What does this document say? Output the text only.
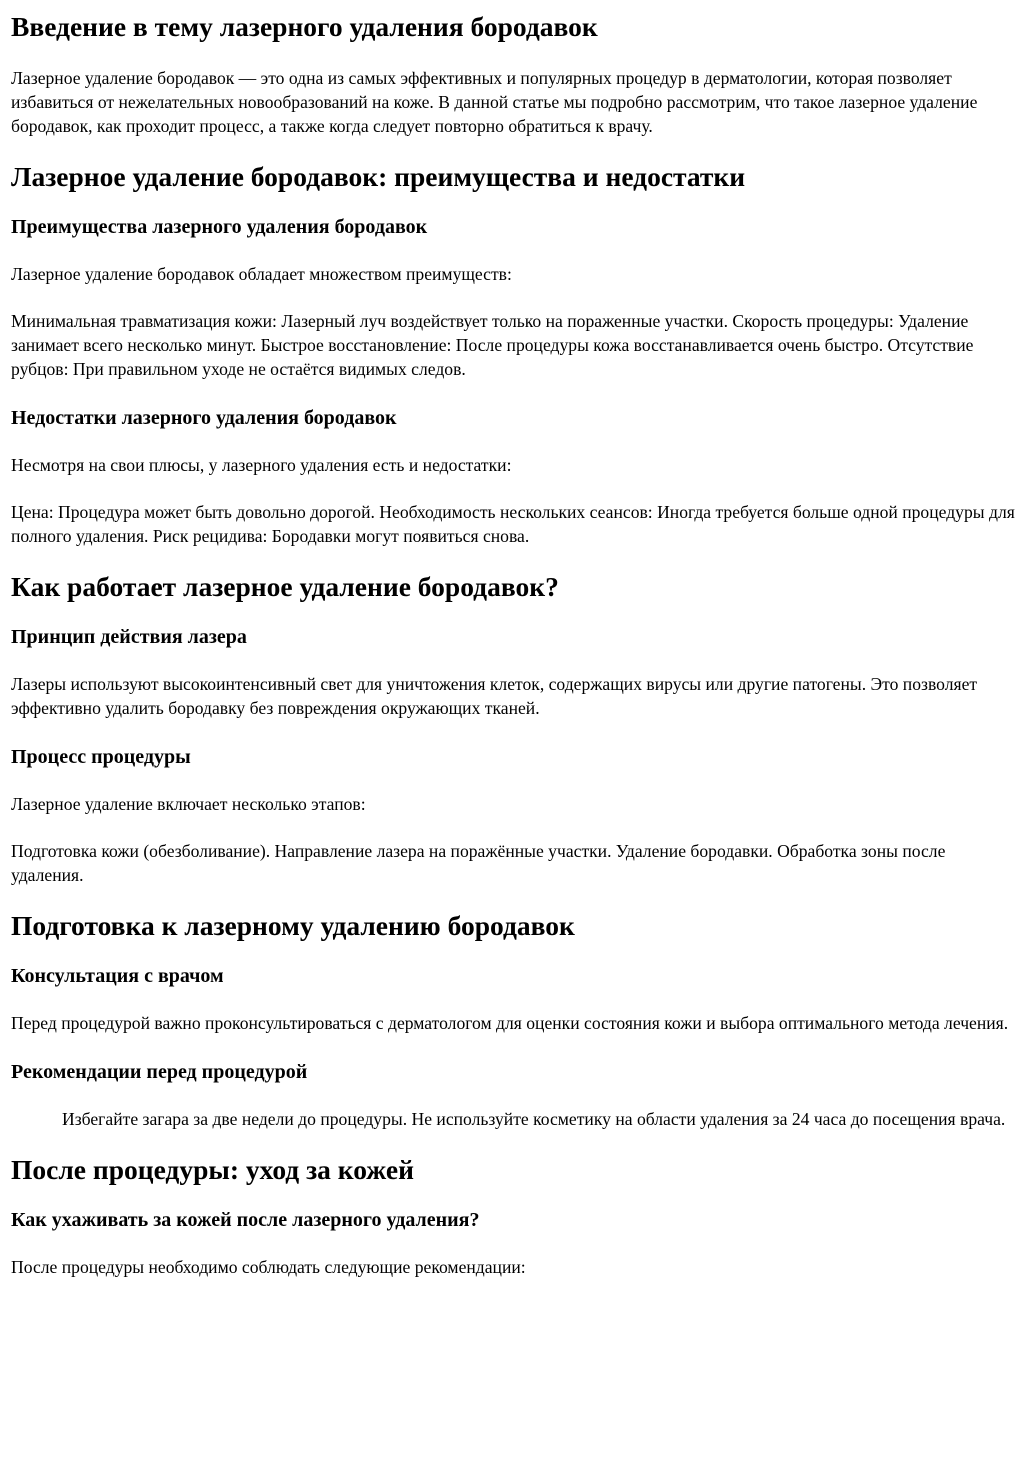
Введение в тему лазерного удаления бородавок

Лазерное удаление бородавок — это одна из самых эффективных и популярных процедур в дерматологии, которая позволяет избавиться от нежелательных новообразований на коже. В данной статье мы подробно рассмотрим, что такое лазерное удаление бородавок, как проходит процесс, а также когда следует повторно обратиться к врачу.

Лазерное удаление бородавок: преимущества и недостатки
Преимущества лазерного удаления бородавок

Лазерное удаление бородавок обладает множеством преимуществ:

Минимальная травматизация кожи: Лазерный луч воздействует только на пораженные участки. Скорость процедуры: Удаление занимает всего несколько минут. Быстрое восстановление: После процедуры кожа восстанавливается очень быстро. Отсутствие рубцов: При правильном уходе не остаётся видимых следов.

Недостатки лазерного удаления бородавок

Несмотря на свои плюсы, у лазерного удаления есть и недостатки:

Цена: Процедура может быть довольно дорогой. Необходимость нескольких сеансов: Иногда требуется больше одной процедуры для полного удаления. Риск рецидива: Бородавки могут появиться снова.

Как работает лазерное удаление бородавок?
Принцип действия лазера

Лазеры используют высокоинтенсивный свет для уничтожения клеток, содержащих вирусы или другие патогены. Это позволяет эффективно удалить бородавку без повреждения окружающих тканей.

Процесс процедуры

Лазерное удаление включает несколько этапов:

Подготовка кожи (обезболивание). Направление лазера на поражённые участки. Удаление бородавки. Обработка зоны после удаления.

Подготовка к лазерному удалению бородавок
Консультация с врачом

Перед процедурой важно проконсультироваться с дерматологом для оценки состояния кожи и выбора оптимального метода лечения.

Рекомендации перед процедурой
Избегайте загара за две недели до процедуры. Не используйте косметику на области удаления за 24 часа до посещения врача.
После процедуры: уход за кожей
Как ухаживать за кожей после лазерного удаления?

После процедуры необходимо соблюдать следующие рекомендации:
